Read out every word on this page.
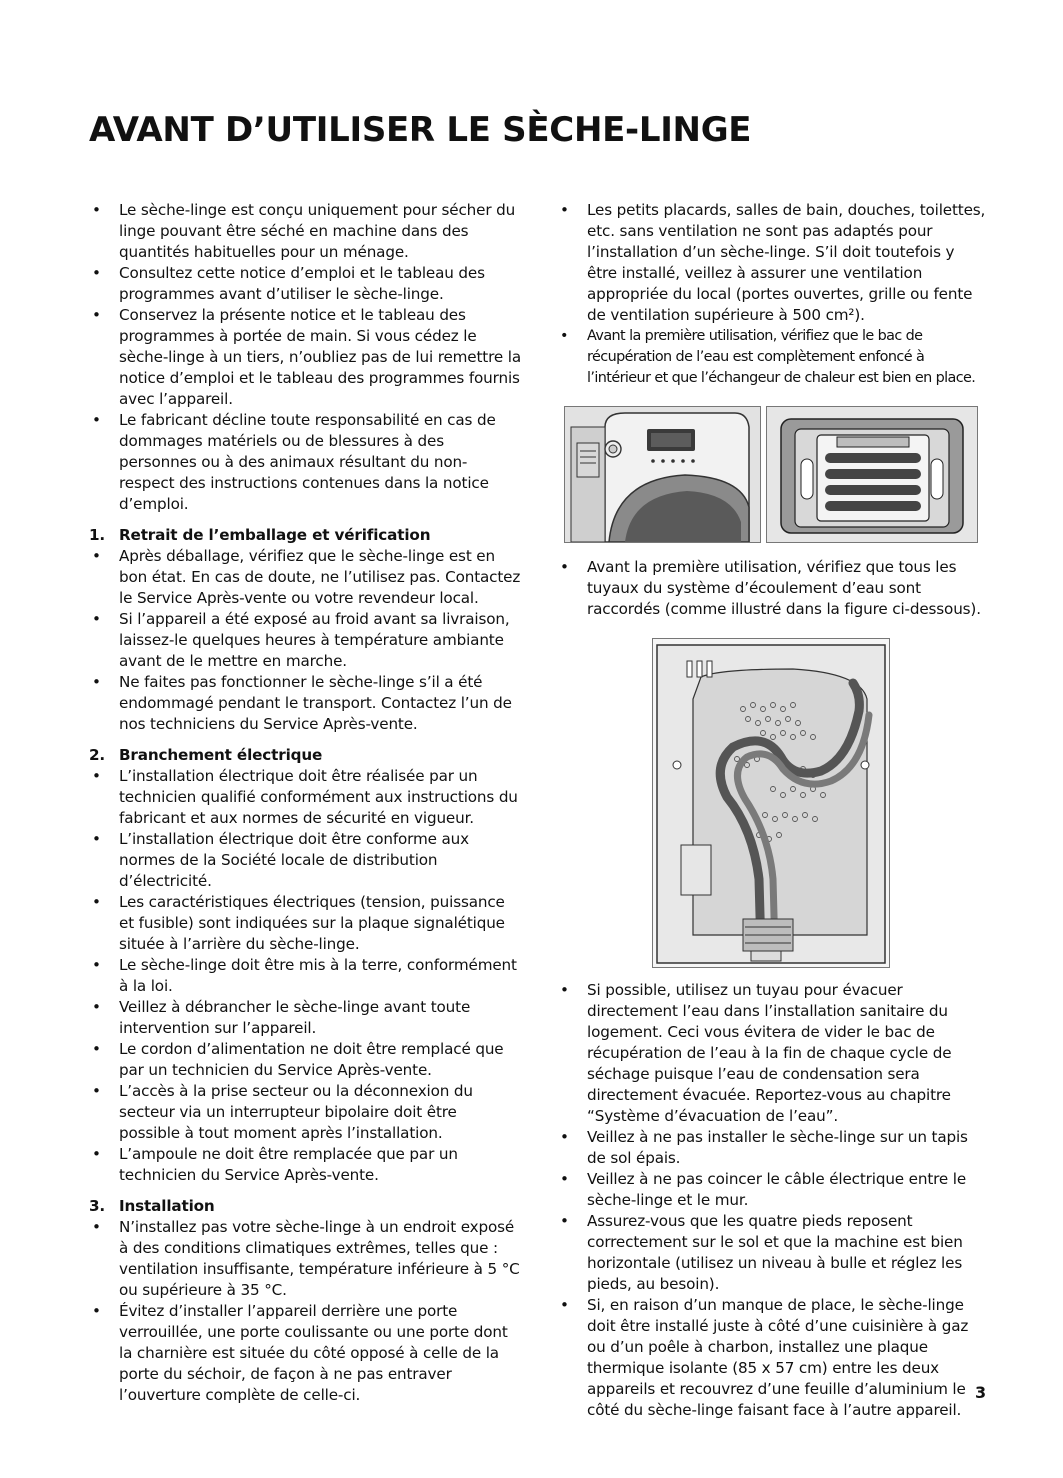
AVANT D’UTILISER LE SÈCHE-LINGE
• Le sèche-linge est conçu uniquement pour sécher du linge pouvant être séché en machine dans des quantités habituelles pour un ménage.
• Consultez cette notice d’emploi et le tableau des programmes avant d’utiliser le sèche-linge.
• Conservez la présente notice et le tableau des programmes à portée de main. Si vous cédez le sèche-linge à un tiers, n’oubliez pas de lui remettre la notice d’emploi et le tableau des programmes fournis avec l’appareil.
• Le fabricant décline toute responsabilité en cas de dommages matériels ou de blessures à des personnes ou à des animaux résultant du non-respect des instructions contenues dans la notice d’emploi.
1. Retrait de l’emballage et vérification
• Après déballage, vérifiez que le sèche-linge est en bon état. En cas de doute, ne l’utilisez pas. Contactez le Service Après-vente ou votre revendeur local.
• Si l’appareil a été exposé au froid avant sa livraison, laissez-le quelques heures à température ambiante avant de le mettre en marche.
• Ne faites pas fonctionner le sèche-linge s’il a été endommagé pendant le transport. Contactez l’un de nos techniciens du Service Après-vente.
2. Branchement électrique
• L’installation électrique doit être réalisée par un technicien qualifié conformément aux instructions du fabricant et aux normes de sécurité en vigueur.
• L’installation électrique doit être conforme aux normes de la Société locale de distribution d’électricité.
• Les caractéristiques électriques (tension, puissance et fusible) sont indiquées sur la plaque signalétique située à l’arrière du sèche-linge.
• Le sèche-linge doit être mis à la terre, conformément à la loi.
• Veillez à débrancher le sèche-linge avant toute intervention sur l’appareil.
• Le cordon d’alimentation ne doit être remplacé que par un technicien du Service Après-vente.
• L’accès à la prise secteur ou la déconnexion du secteur via un interrupteur bipolaire doit être possible à tout moment après l’installation.
• L’ampoule ne doit être remplacée que par un technicien du Service Après-vente.
3. Installation
• N’installez pas votre sèche-linge à un endroit exposé à des conditions climatiques extrêmes, telles que : ventilation insuffisante, température inférieure à 5 °C ou supérieure à 35 °C.
• Évitez d’installer l’appareil derrière une porte verrouillée, une porte coulissante ou une porte dont la charnière est située du côté opposé à celle de la porte du séchoir, de façon à ne pas entraver l’ouverture complète de celle-ci.
• Les petits placards, salles de bain, douches, toilettes, etc. sans ventilation ne sont pas adaptés pour l’installation d’un sèche-linge. S’il doit toutefois y être installé, veillez à assurer une ventilation appropriée du local (portes ouvertes, grille ou fente de ventilation supérieure à 500 cm²).
• Avant la première utilisation, vérifiez que le bac de récupération de l’eau est complètement enfoncé à l’intérieur et que l’échangeur de chaleur est bien en place.
• Avant la première utilisation, vérifiez que tous les tuyaux du système d’écoulement d’eau sont raccordés (comme illustré dans la figure ci-dessous).
• Si possible, utilisez un tuyau pour évacuer directement l’eau dans l’installation sanitaire du logement. Ceci vous évitera de vider le bac de récupération de l’eau à la fin de chaque cycle de séchage puisque l’eau de condensation sera directement évacuée. Reportez-vous au chapitre “Système d’évacuation de l’eau”.
• Veillez à ne pas installer le sèche-linge sur un tapis de sol épais.
• Veillez à ne pas coincer le câble électrique entre le sèche-linge et le mur.
• Assurez-vous que les quatre pieds reposent correctement sur le sol et que la machine est bien horizontale (utilisez un niveau à bulle et réglez les pieds, au besoin).
• Si, en raison d’un manque de place, le sèche-linge doit être installé juste à côté d’une cuisinière à gaz ou d’un poêle à charbon, installez une plaque thermique isolante (85 x 57 cm) entre les deux appareils et recouvrez d’une feuille d’aluminium le côté du sèche-linge faisant face à l’autre appareil.
3
